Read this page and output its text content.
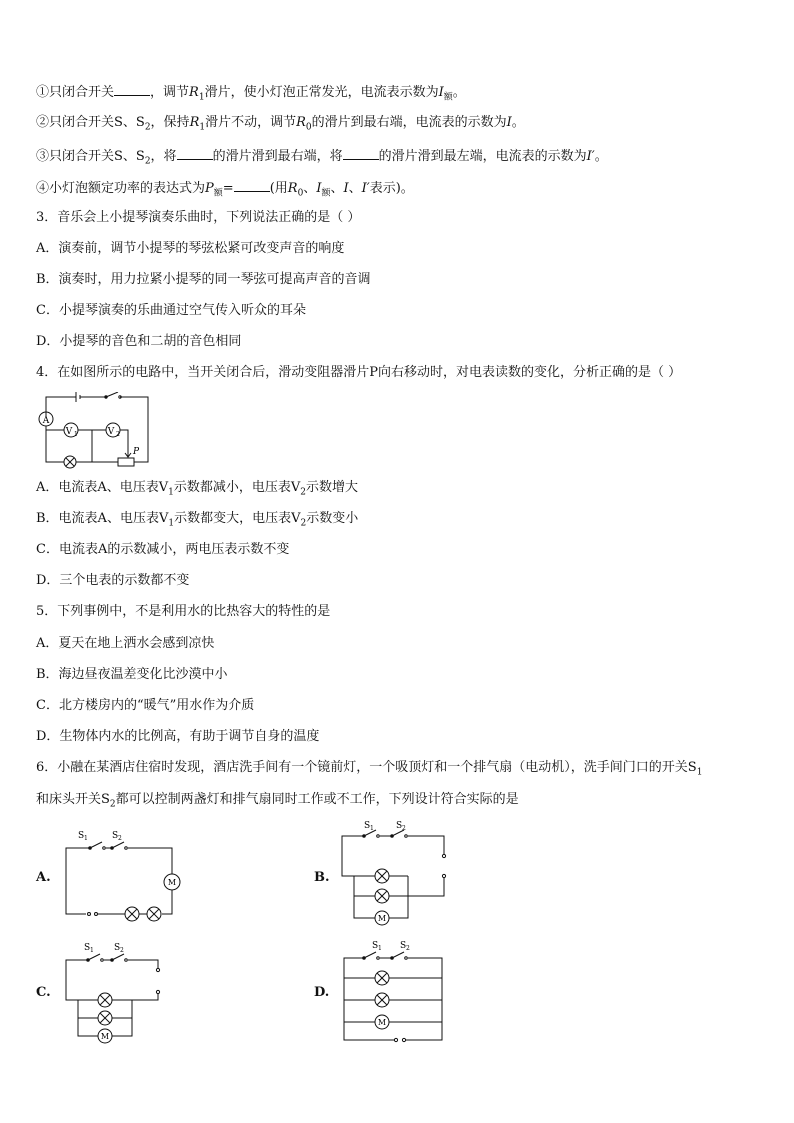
①只闭合开关	，调节$R_1$滑片，使小灯泡正常发光，电流表示数为$I_额$。
②只闭合开关S、$S_2$，保持$R_1$滑片不动，调节$R_0$的滑片到最右端，电流表的示数为I。
③只闭合开关S、$S_2$，将	的滑片滑到最右端，将	的滑片滑到最左端，电流表的示数为I′。
④小灯泡额定功率的表达式为$P_额=$	(用$R_0$、$I_额$、I、I′表示)。
3．音乐会上小提琴演奏乐曲时，下列说法正确的是（ ）
A．演奏前，调节小提琴的琴弦松紧可改变声音的响度
B．演奏时，用力拉紧小提琴的同一琴弦可提高声音的音调
C．小提琴演奏的乐曲通过空气传入听众的耳朵
D．小提琴的音色和二胡的音色相同
4．在如图所示的电路中，当开关闭合后，滑动变阻器滑片P向右移动时，对电表读数的变化，分析正确的是（ ）
A
V 1	V 2
P
A．电流表A、电压表$V_1$示数都减小，电压表$V_2$示数增大
B．电流表A、电压表$V_1$示数都变大，电压表$V_2$示数变小
C．电流表A的示数减小，两电压表示数不变
D．三个电表的示数都不变
5．下列事例中，不是利用水的比热容大的特性的是
A．夏天在地上洒水会感到凉快
B．海边昼夜温差变化比沙漠中小
C．北方楼房内的“暖气”用水作为介质
D．生物体内水的比例高，有助于调节自身的温度
6．小融在某酒店住宿时发现，酒店洗手间有一个镜前灯，一个吸顶灯和一个排气扇（电动机），洗手间门口的开关$S_1$
和床头开关$S_2$都可以控制两盏灯和排气扇同时工作或不工作，下列设计符合实际的是
A.	B.
C.	D.
S 1	S 2
M
S 1 S 2
M
S 1 S 2
M
S 1 S 2
M
